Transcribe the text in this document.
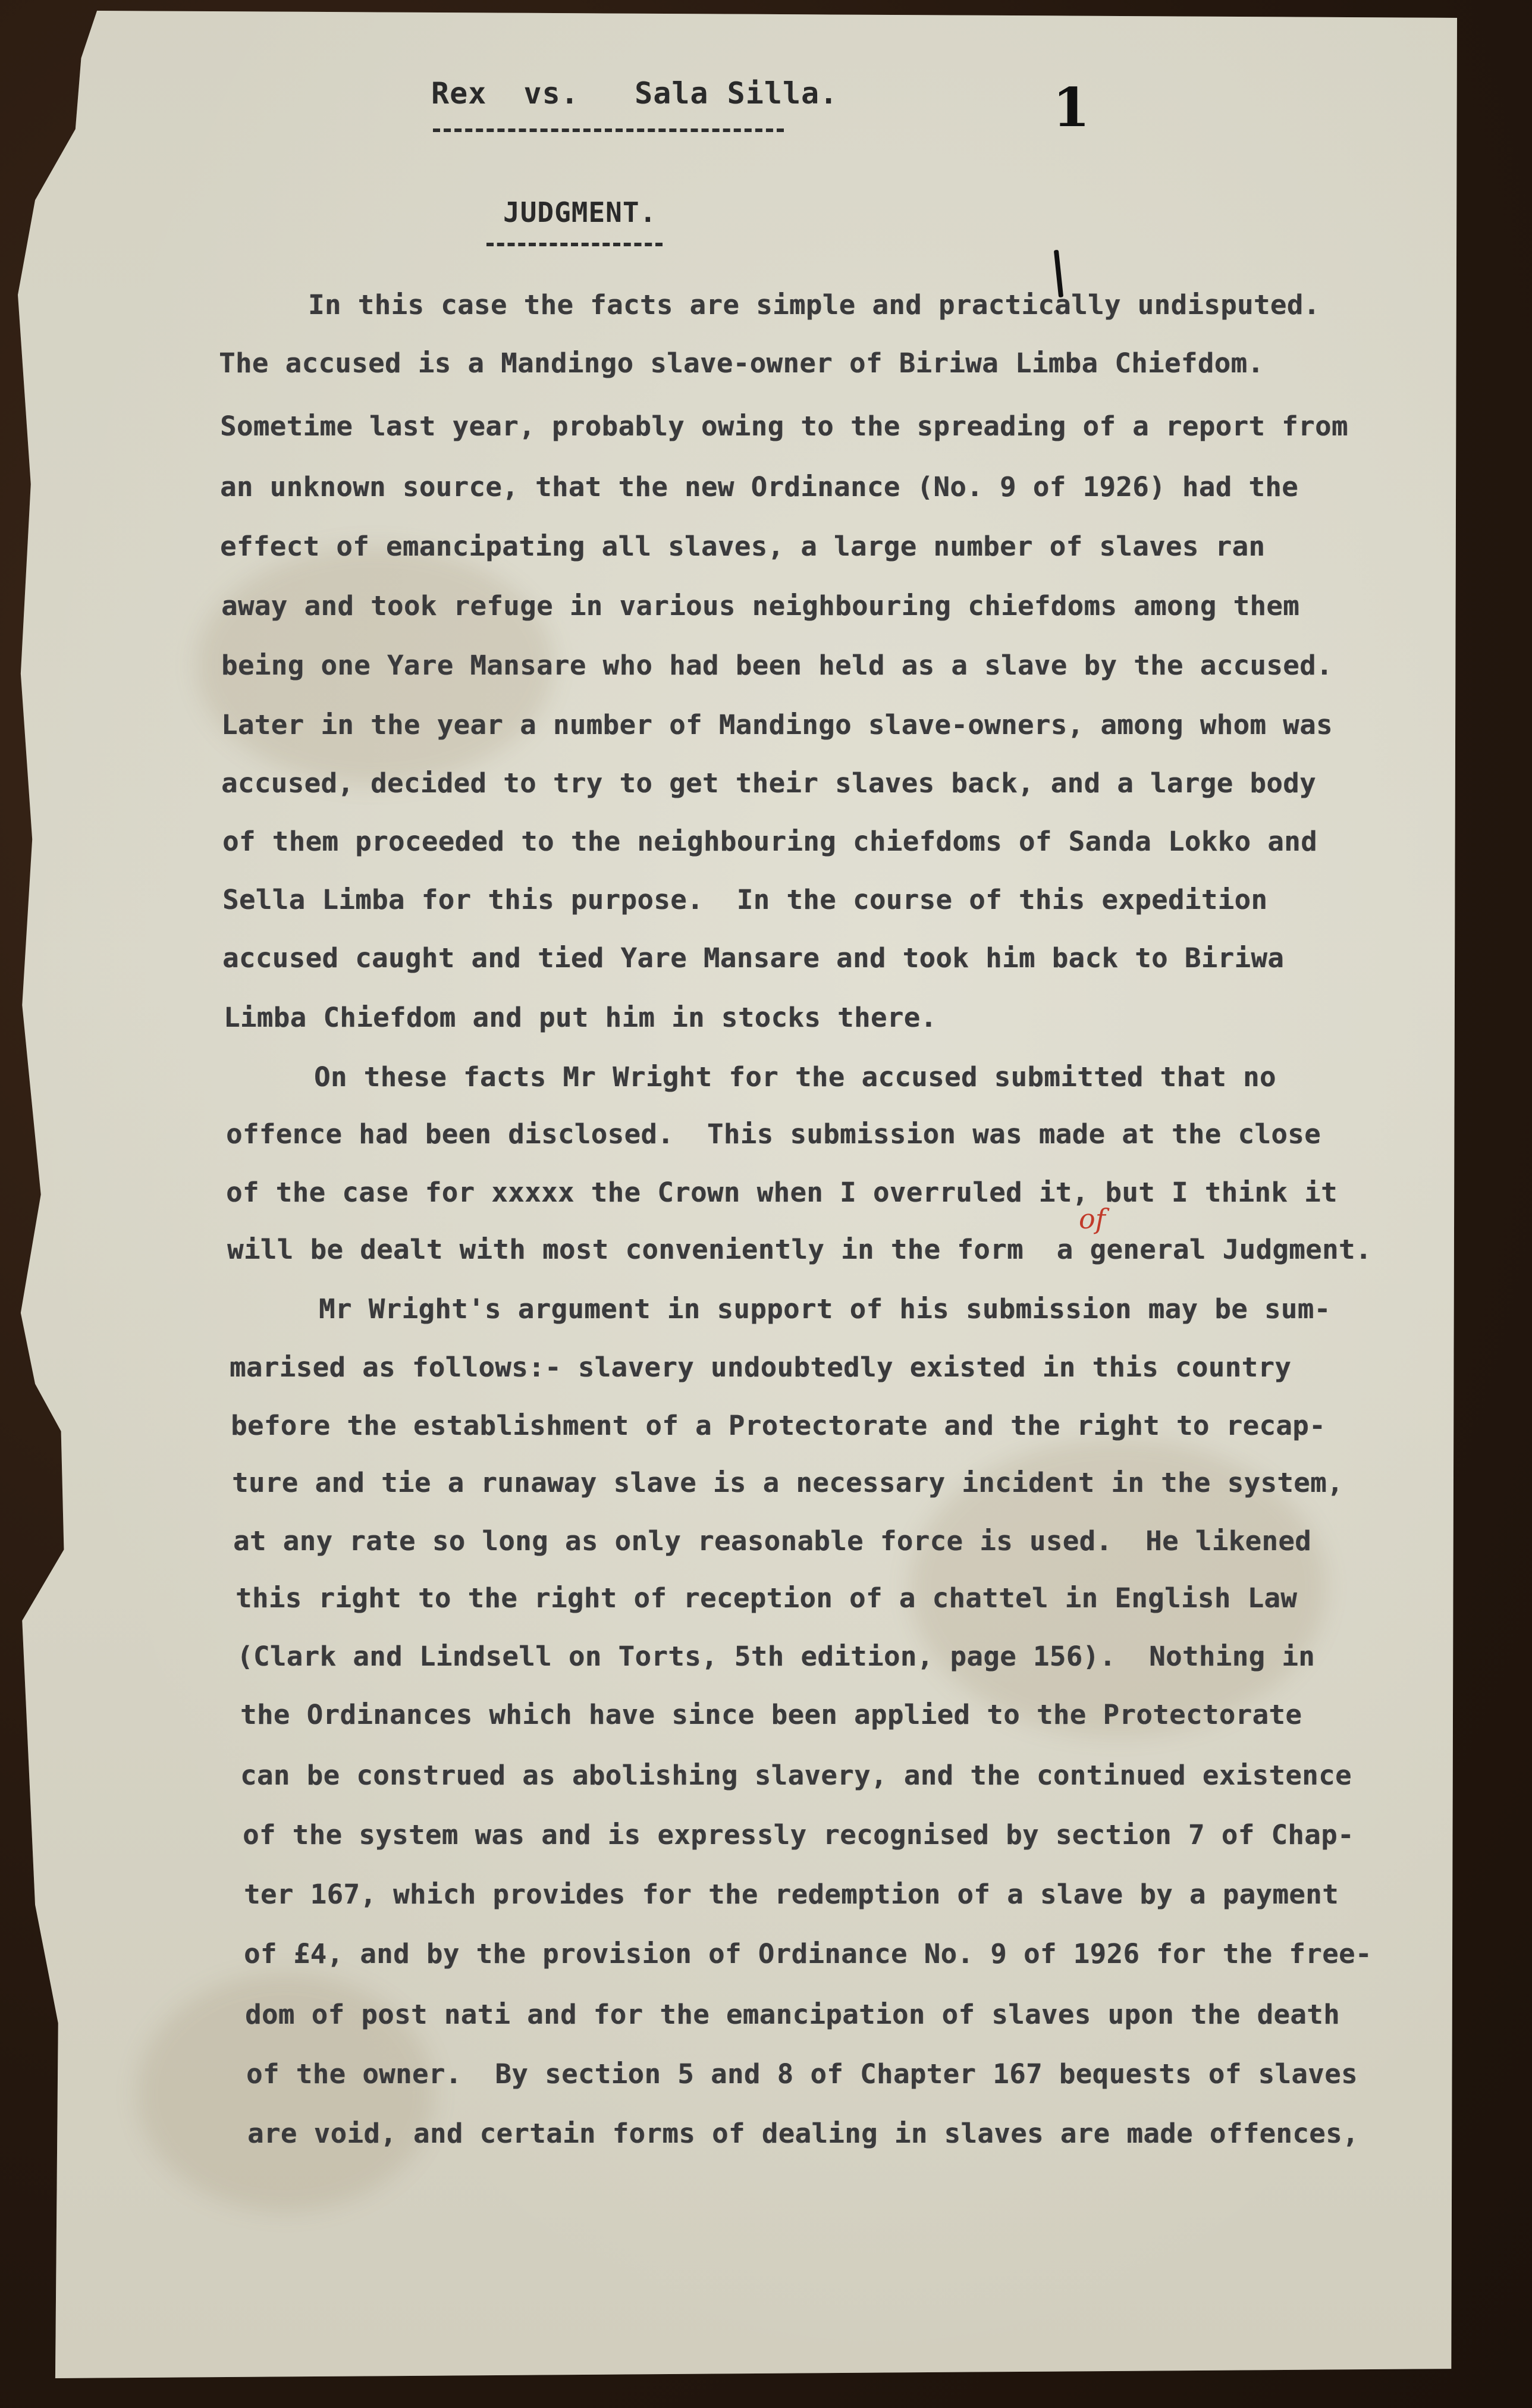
Rex  vs.   Sala Silla.	1
JUDGMENT.
In this case the facts are simple and practically undisputed.
The accused is a Mandingo slave-owner of Biriwa Limba Chiefdom.
Sometime last year, probably owing to the spreading of a report from
an unknown source, that the new Ordinance (No. 9 of 1926) had the
effect of emancipating all slaves, a large number of slaves ran
away and took refuge in various neighbouring chiefdoms among them
being one Yare Mansare who had been held as a slave by the accused.
Later in the year a number of Mandingo slave-owners, among whom was
accused, decided to try to get their slaves back, and a large body
of them proceeded to the neighbouring chiefdoms of Sanda Lokko and
Sella Limba for this purpose.  In the course of this expedition
accused caught and tied Yare Mansare and took him back to Biriwa
Limba Chiefdom and put him in stocks there.
On these facts Mr Wright for the accused submitted that no
offence had been disclosed.  This submission was made at the close
of the case for xxxxx the Crown when I overruled it, but I think it
will be dealt with most conveniently in the form  a general Judgment.
of
Mr Wright's argument in support of his submission may be sum-
marised as follows:- slavery undoubtedly existed in this country
before the establishment of a Protectorate and the right to recap-
ture and tie a runaway slave is a necessary incident in the system,
at any rate so long as only reasonable force is used.  He likened
this right to the right of reception of a chattel in English Law
(Clark and Lindsell on Torts, 5th edition, page 156).  Nothing in
the Ordinances which have since been applied to the Protectorate
can be construed as abolishing slavery, and the continued existence
of the system was and is expressly recognised by section 7 of Chap-
ter 167, which provides for the redemption of a slave by a payment
of £4, and by the provision of Ordinance No. 9 of 1926 for the free-
dom of post nati and for the emancipation of slaves upon the death
of the owner.  By section 5 and 8 of Chapter 167 bequests of slaves
are void, and certain forms of dealing in slaves are made offences,
